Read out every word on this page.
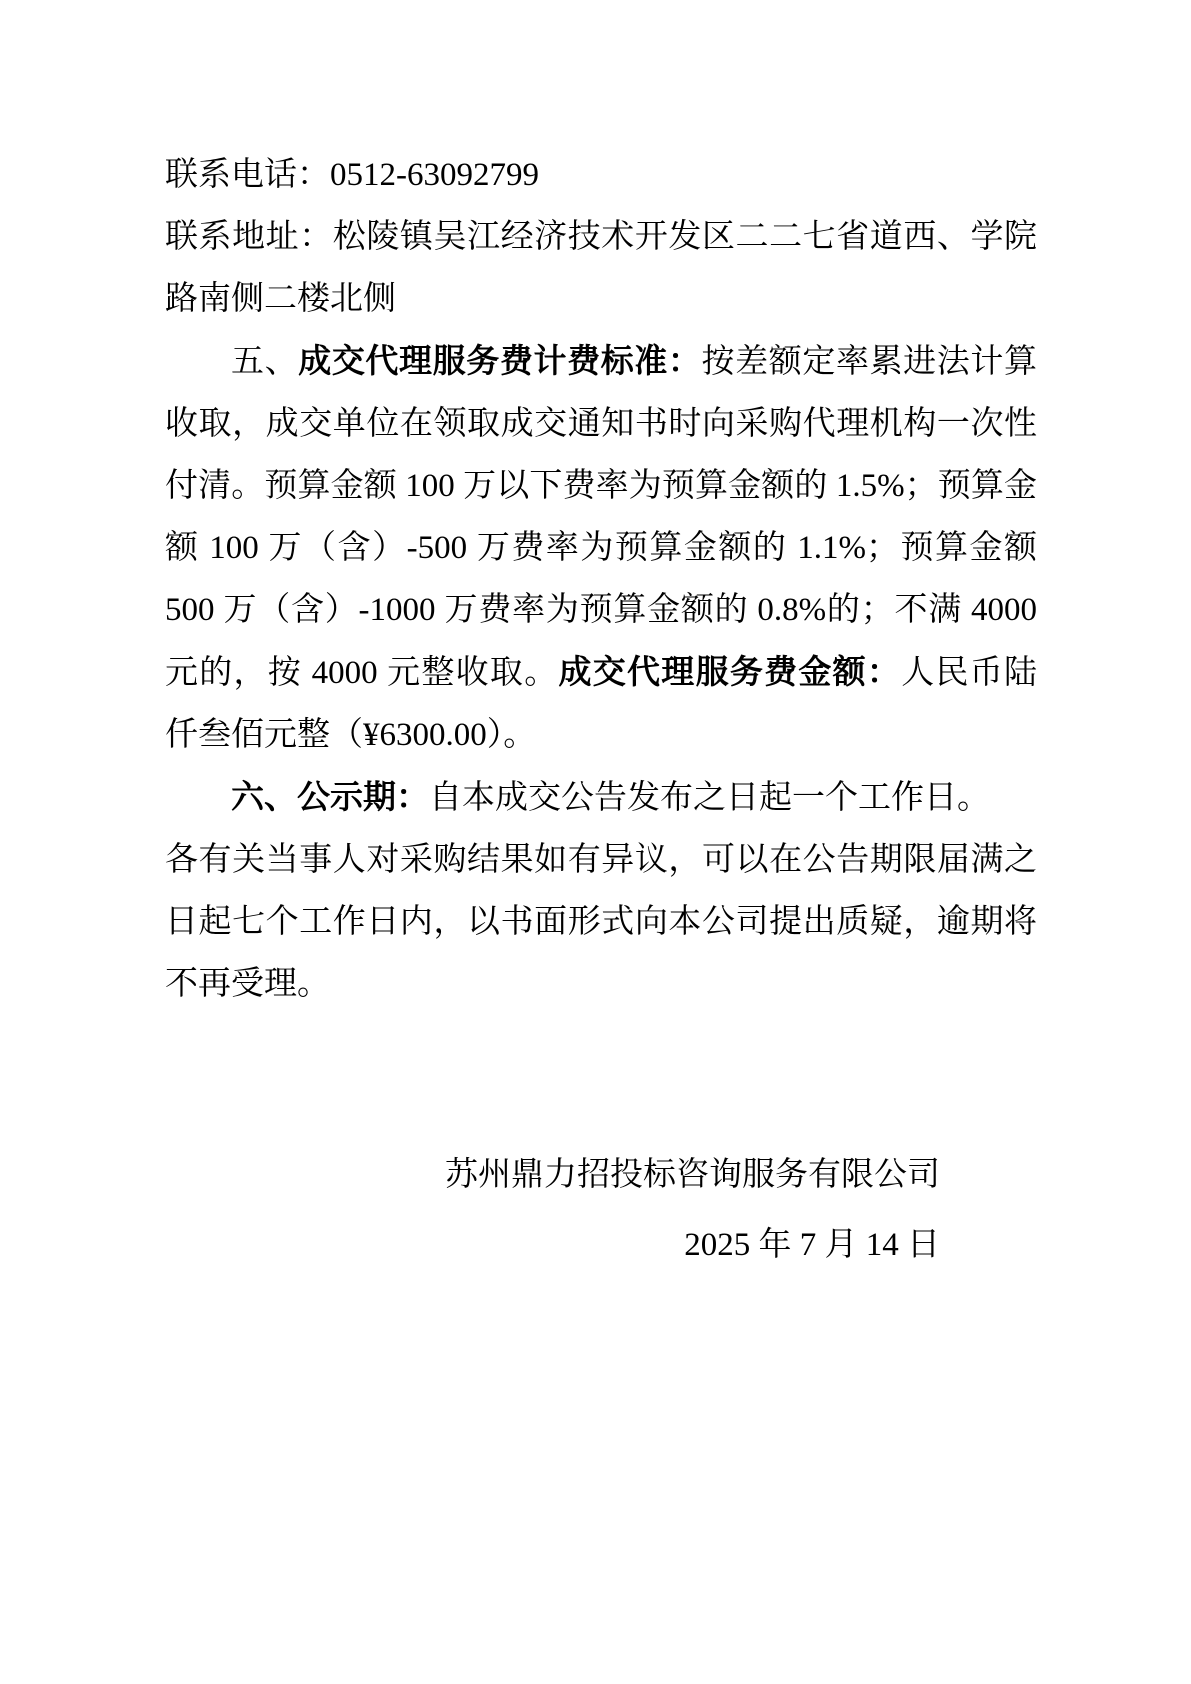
联系电话：0512-63092799
联系地址：松陵镇吴江经济技术开发区二二七省道西、学院
路南侧二楼北侧
五、成交代理服务费计费标准：按差额定率累进法计算
收取，成交单位在领取成交通知书时向采购代理机构一次性
付清。预算金额 100 万以下费率为预算金额的 1.5%；预算金
额 100 万（含）-500 万费率为预算金额的 1.1%；预算金额
500 万（含）-1000 万费率为预算金额的 0.8%的；不满 4000
元的，按 4000 元整收取。成交代理服务费金额：人民币陆
仟叁佰元整（¥6300.00）。
六、公示期：自本成交公告发布之日起一个工作日。
各有关当事人对采购结果如有异议，可以在公告期限届满之
日起七个工作日内，以书面形式向本公司提出质疑，逾期将
不再受理。
苏州鼎力招投标咨询服务有限公司
2025 年 7 月 14 日
